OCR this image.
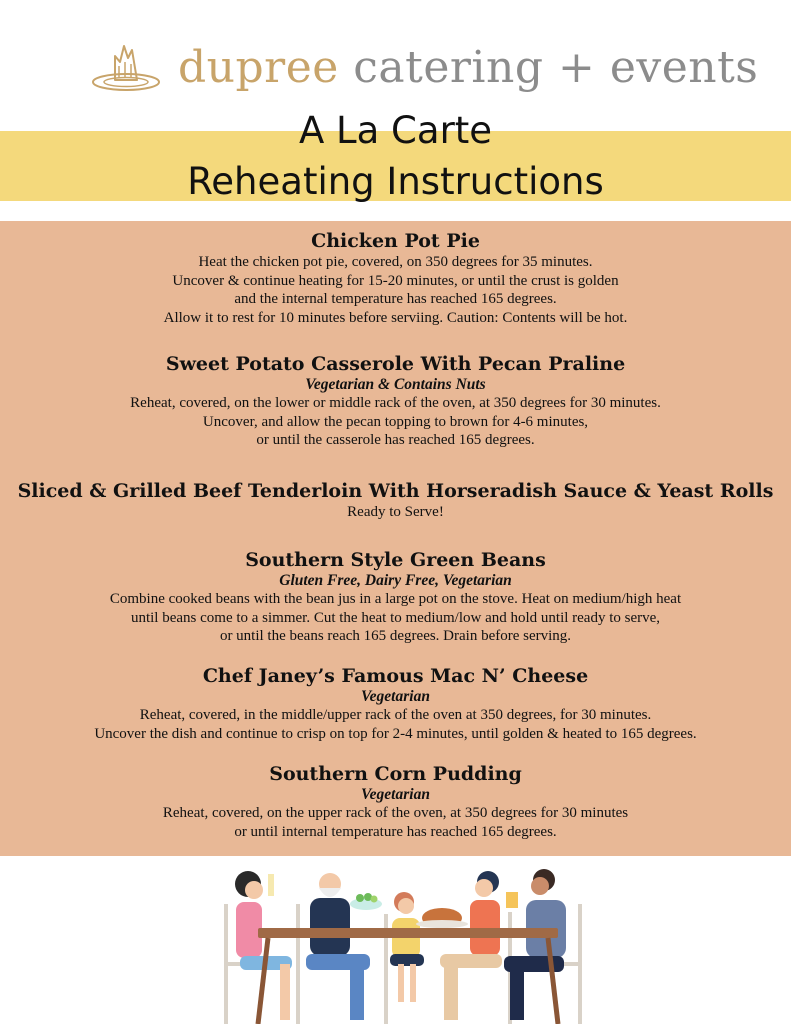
dupree catering + events
A La Carte
Reheating Instructions
Chicken Pot Pie
Heat the chicken pot pie, covered, on 350 degrees for 35 minutes.
Uncover & continue heating for 15-20 minutes, or until the crust is golden
and the internal temperature has reached 165 degrees.
Allow it to rest for 10 minutes before serviing. Caution: Contents will be hot.
Sweet Potato Casserole With Pecan Praline
Vegetarian & Contains Nuts
Reheat, covered, on the lower or middle rack of the oven, at 350 degrees for 30 minutes.
Uncover, and allow the pecan topping to brown for 4-6 minutes,
or until the casserole has reached 165 degrees.
Sliced & Grilled Beef Tenderloin With Horseradish Sauce & Yeast Rolls
Ready to Serve!
Southern Style Green Beans
Gluten Free, Dairy Free, Vegetarian
Combine cooked beans with the bean jus in a large pot on the stove. Heat on medium/high heat
until beans come to a simmer. Cut the heat to medium/low and hold until ready to serve,
or until the beans reach 165 degrees. Drain before serving.
Chef Janey’s Famous Mac N’ Cheese
Vegetarian
Reheat, covered, in the middle/upper rack of the oven at 350 degrees, for 30 minutes.
Uncover the dish and continue to crisp on top for 2-4 minutes, until golden & heated to 165 degrees.
Southern Corn Pudding
Vegetarian
Reheat, covered, on the upper rack of the oven, at 350 degrees for 30 minutes
or until internal temperature has reached 165 degrees.
